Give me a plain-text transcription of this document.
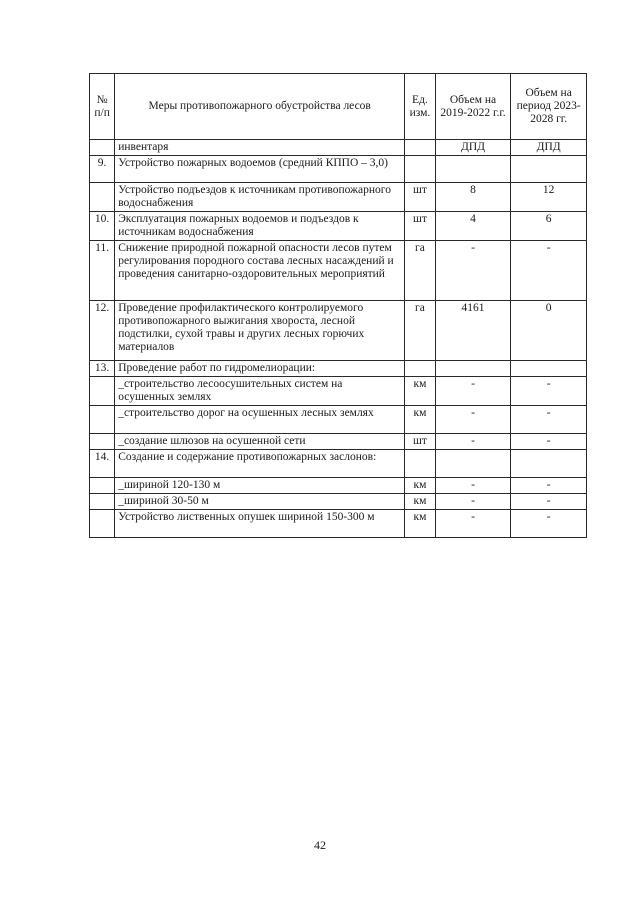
№ п/п	Меры противопожарного обустройства лесов	Ед. изм.	Объем на 2019-2022 г.г.	Объем на период 2023-2028 гг.
	инвентаря		ДПД	ДПД
9.	Устройство пожарных водоемов (средний КППО – 3,0)			
	Устройство подъездов к источникам противопожарного водоснабжения	шт	8	12
10.	Эксплуатация пожарных водоемов и подъездов к источникам водоснабжения	шт	4	6
11.	Снижение природной пожарной опасности лесов путем регулирования породного состава лесных насаждений и проведения санитарно-оздоровительных мероприятий	га	-	-
12.	Проведение профилактического контролируемого противопожарного выжигания хвороста, лесной подстилки, сухой травы и других лесных горючих материалов	га	4161	0
13.	Проведение работ по гидромелиорации:			
	_строительство лесоосушительных систем на осушенных землях	км	-	-
	_строительство дорог на осушенных лесных землях	км	-	-
	_создание шлюзов на осушенной сети	шт	-	-
14.	Создание и содержание противопожарных заслонов:			
	_шириной 120-130 м	км	-	-
	_шириной 30-50 м	км	-	-
	Устройство лиственных опушек шириной 150-300 м	км	-	-
42
